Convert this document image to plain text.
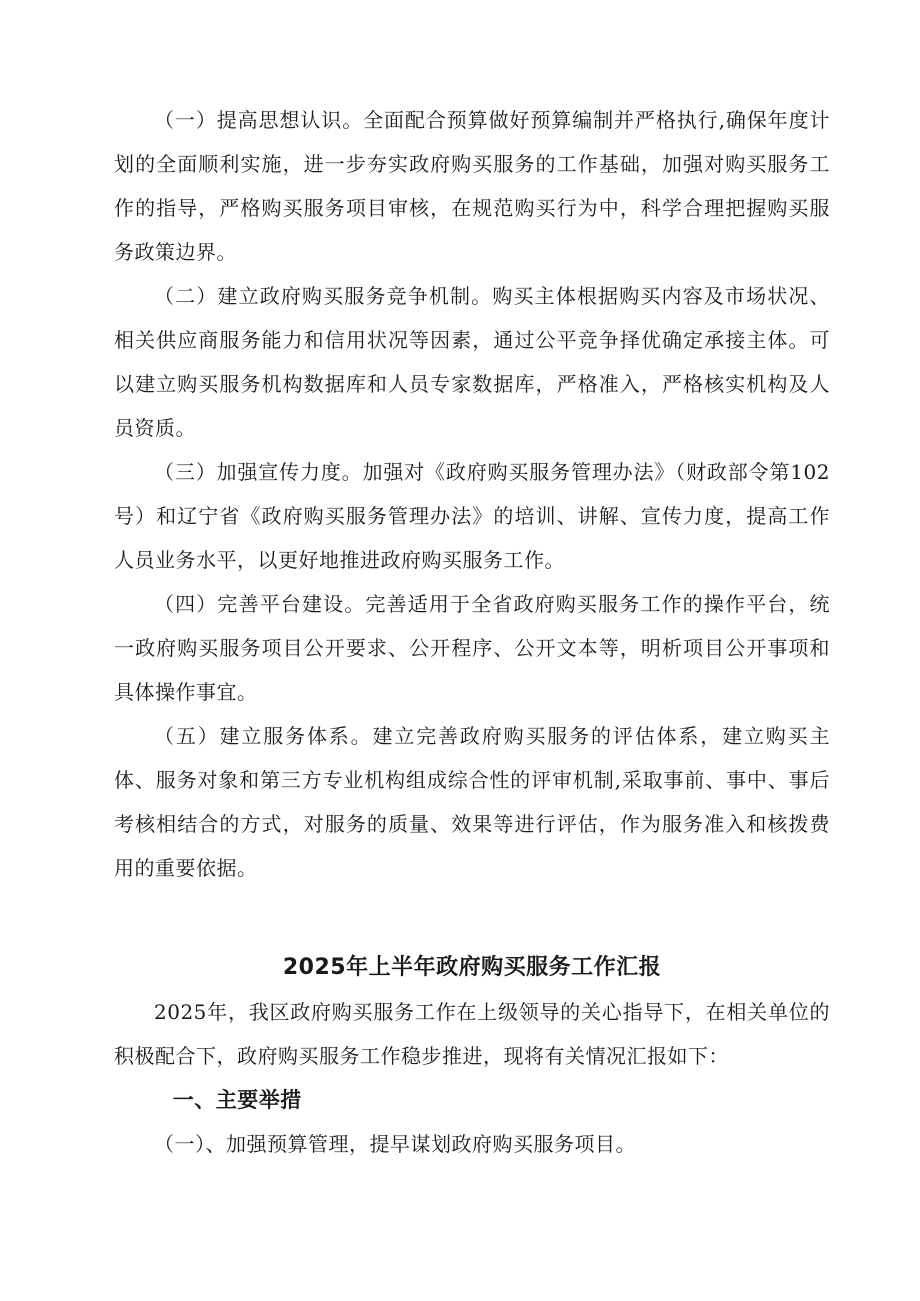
（一）提高思想认识。全面配合预算做好预算编制并严格执行,确保年度计划的全面顺利实施，进一步夯实政府购买服务的工作基础，加强对购买服务工作的指导，严格购买服务项目审核，在规范购买行为中，科学合理把握购买服务政策边界。

（二）建立政府购买服务竞争机制。购买主体根据购买内容及市场状况、相关供应商服务能力和信用状况等因素，通过公平竞争择优确定承接主体。可以建立购买服务机构数据库和人员专家数据库，严格准入，严格核实机构及人员资质。

（三）加强宣传力度。加强对《政府购买服务管理办法》（财政部令第102号）和辽宁省《政府购买服务管理办法》的培训、讲解、宣传力度，提高工作人员业务水平，以更好地推进政府购买服务工作。

（四）完善平台建设。完善适用于全省政府购买服务工作的操作平台，统一政府购买服务项目公开要求、公开程序、公开文本等，明析项目公开事项和具体操作事宜。

（五）建立服务体系。建立完善政府购买服务的评估体系，建立购买主体、服务对象和第三方专业机构组成综合性的评审机制,采取事前、事中、事后考核相结合的方式，对服务的质量、效果等进行评估，作为服务准入和核拨费用的重要依据。

2025年上半年政府购买服务工作汇报

2025年，我区政府购买服务工作在上级领导的关心指导下，在相关单位的积极配合下，政府购买服务工作稳步推进，现将有关情况汇报如下：

一、主要举措

（一）、加强预算管理，提早谋划政府购买服务项目。
